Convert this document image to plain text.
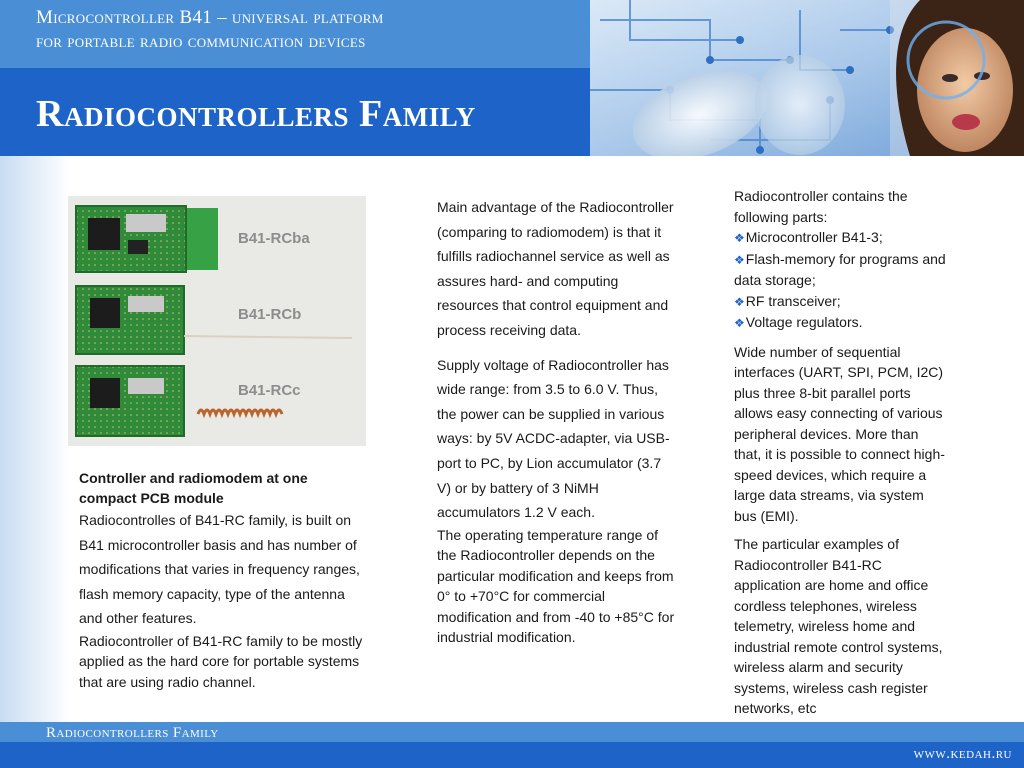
Microcontroller B41 – universal platform
for portable radio communication devices
Radiocontrollers Family
B41-RCba
B41-RCb
B41-RCc
Controller and radiomodem at one compact PCB module
Radiocontrolles of B41-RC family, is built on B41 microcontroller basis and has number of modifications that varies in frequency ranges, flash memory capacity, type of the antenna and other features.
Radiocontroller of B41-RC family to be mostly applied as the hard core for portable systems that are using radio channel.
Main advantage of the Radiocontroller (comparing to radiomodem) is that it fulfills radiochannel service as well as assures hard- and computing resources that control equipment and process receiving data.
Supply voltage of Radiocontroller has wide range: from 3.5 to 6.0 V. Thus, the power can be supplied in various ways: by 5V ACDC-adapter, via USB-port to PC, by Lion accumulator (3.7 V) or by battery of 3 NiMH accumulators 1.2 V each.
The operating temperature range of the Radiocontroller depends on the particular modification and keeps from 0° to +70°C for commercial modification and from -40 to +85°C for industrial modification.
Radiocontroller contains the following parts:
❖Microcontroller B41-3;
❖Flash-memory for programs and data storage;
❖RF transceiver;
❖Voltage regulators.
Wide number of sequential interfaces (UART, SPI, PCM, I2C) plus three 8-bit parallel ports allows easy connecting of various peripheral devices. More than that, it is possible to connect high-speed devices, which require a large data streams, via system bus (EMI).
The particular examples of Radiocontroller B41-RC application are home and office cordless telephones, wireless telemetry, wireless home and industrial remote control systems, wireless alarm and security systems, wireless cash register networks, etc
Radiocontrollers Family
www.kedah.ru
